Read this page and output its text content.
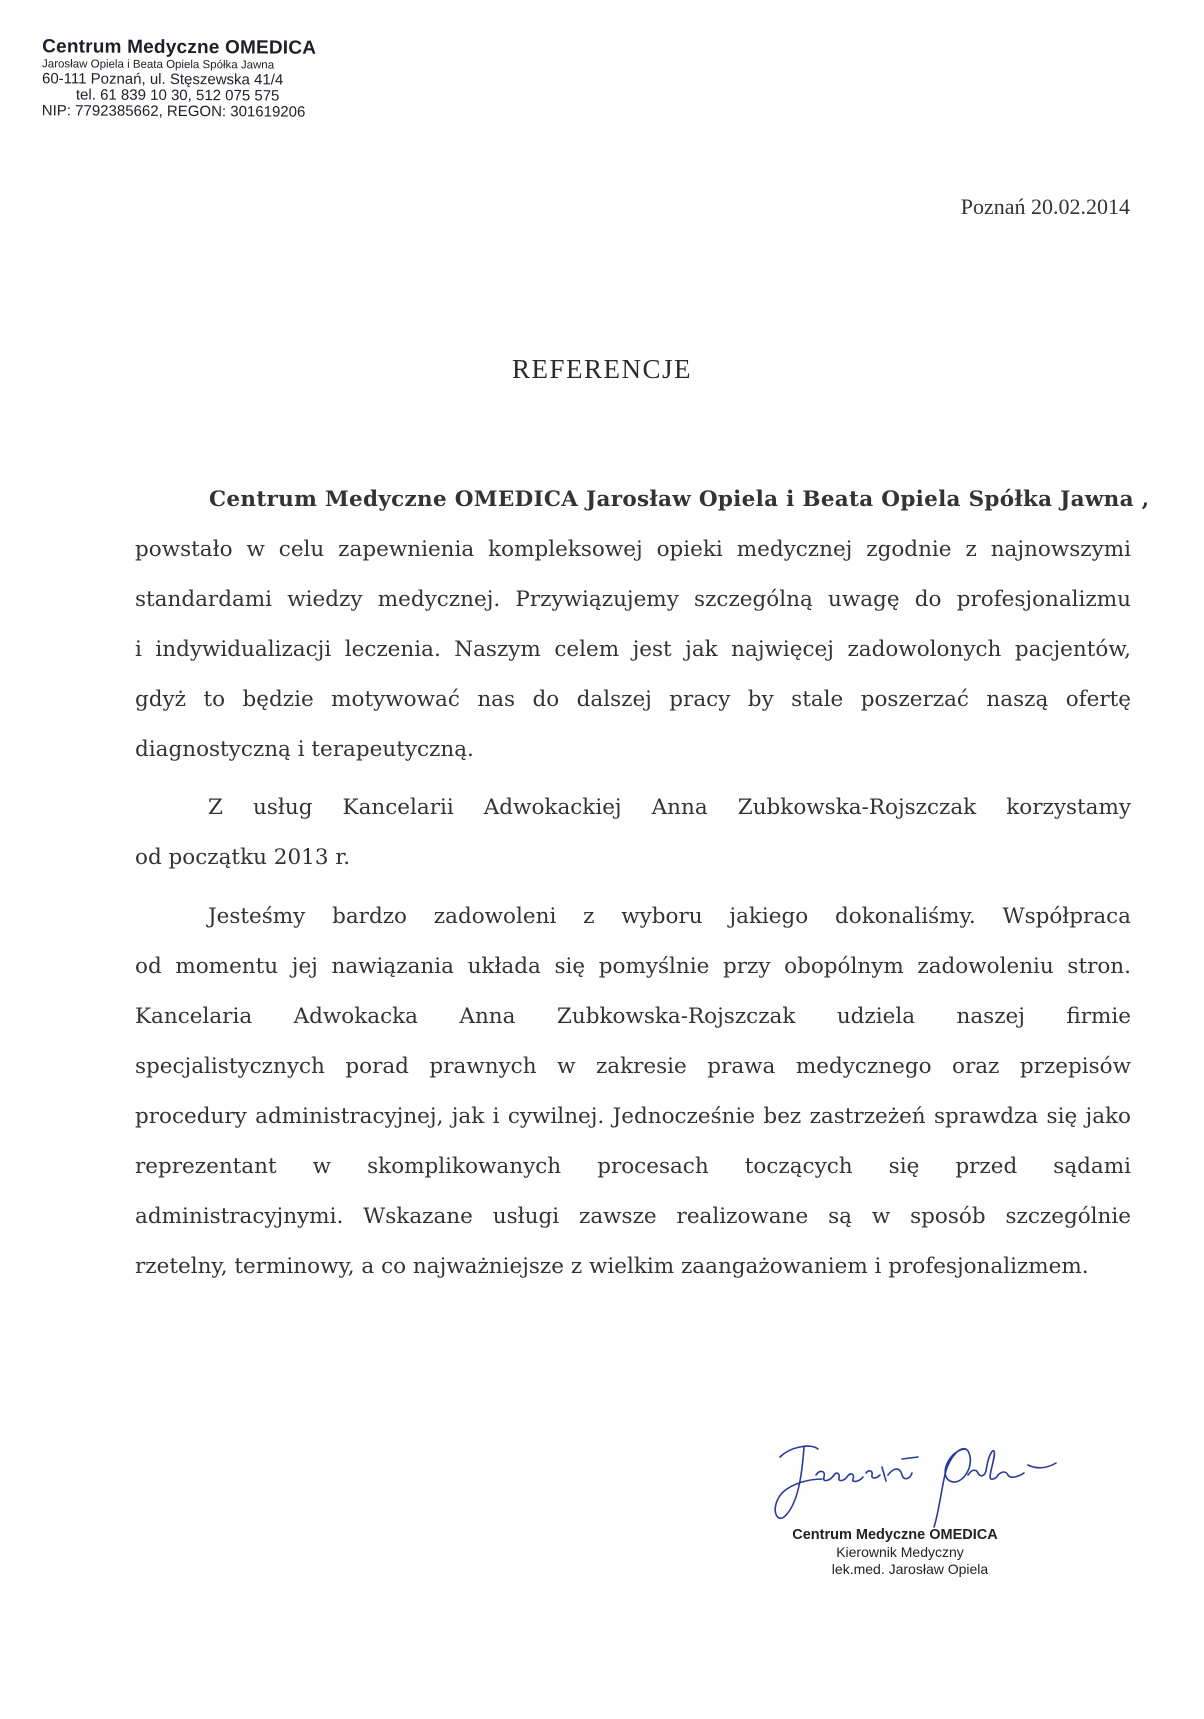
Centrum Medyczne OMEDICA
Jarosław Opiela i Beata Opiela Spółka Jawna
60-111 Poznań, ul. Stęszewska 41/4
tel. 61 839 10 30, 512 075 575
NIP: 7792385662, REGON: 301619206
Poznań 20.02.2014
REFERENCJE
Centrum Medyczne OMEDICA Jarosław Opiela i Beata Opiela Spółka Jawna ,
powstało w celu zapewnienia kompleksowej opieki medycznej zgodnie z najnowszymi
standardami wiedzy medycznej. Przywiązujemy szczególną uwagę do profesjonalizmu
i indywidualizacji leczenia. Naszym celem jest jak najwięcej zadowolonych pacjentów,
gdyż to będzie motywować nas do dalszej pracy by stale poszerzać naszą ofertę
diagnostyczną i terapeutyczną.
Z usług Kancelarii Adwokackiej Anna Zubkowska-Rojszczak korzystamy
od początku 2013 r.
Jesteśmy bardzo zadowoleni z wyboru jakiego dokonaliśmy. Współpraca
od momentu jej nawiązania układa się pomyślnie przy obopólnym zadowoleniu stron.
Kancelaria Adwokacka Anna Zubkowska-Rojszczak udziela naszej firmie
specjalistycznych porad prawnych w zakresie prawa medycznego oraz przepisów
procedury administracyjnej, jak i cywilnej. Jednocześnie bez zastrzeżeń sprawdza się jako
reprezentant w skomplikowanych procesach toczących się przed sądami
administracyjnymi. Wskazane usługi zawsze realizowane są w sposób szczególnie
rzetelny, terminowy, a co najważniejsze z wielkim zaangażowaniem i profesjonalizmem.
Centrum Medyczne OMEDICA
Kierownik Medyczny
lek.med. Jarosław Opiela
